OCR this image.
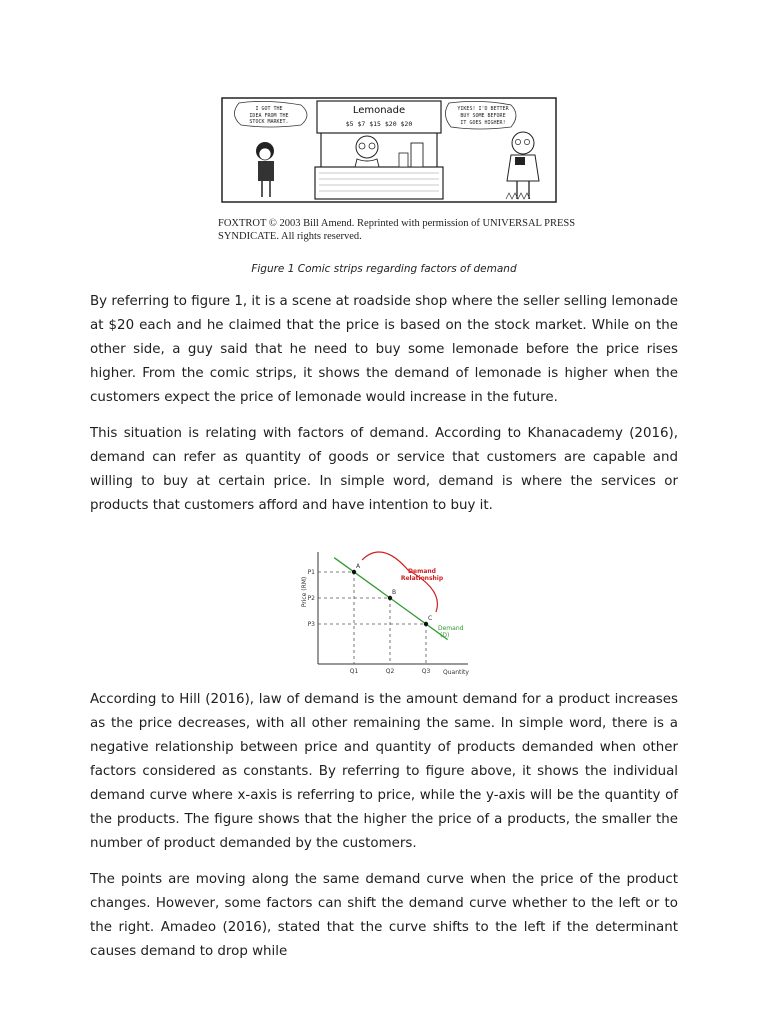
I GOT THE
IDEA FROM THE
STOCK MARKET.
YIKES! I'D BETTER
BUY SOME BEFORE
IT GOES HIGHER!
Lemonade
$5 $7 $15 $20 $20
FOXTROT © 2003 Bill Amend. Reprinted with permission of UNIVERSAL PRESS SYNDICATE. All rights reserved.
Figure 1 Comic strips regarding factors of demand

By referring to figure 1, it is a scene at roadside shop where the seller selling lemonade at $20 each and he claimed that the price is based on the stock market. While on the other side, a guy said that he need to buy some lemonade before the price rises higher. From the comic strips, it shows the demand of lemonade is higher when the customers expect the price of lemonade would increase in the future.

This situation is relating with factors of demand. According to Khanacademy (2016), demand can refer as quantity of goods or service that customers are capable and willing to buy at certain price. In simple word, demand is where the services or products that customers afford and have intention to buy it.

Price (RM)
Quantity
A
P1
Q1
B
P2
Q2
C
P3
Q3
Demand
Relationship
Demand
(D)

According to Hill (2016), law of demand is the amount demand for a product increases as the price decreases, with all other remaining the same. In simple word, there is a negative relationship between price and quantity of products demanded when other factors considered as constants. By referring to figure above, it shows the individual demand curve where x-axis is referring to price, while the y-axis will be the quantity of the products. The figure shows that the higher the price of a products, the smaller the number of product demanded by the customers.

The points are moving along the same demand curve when the price of the product changes. However, some factors can shift the demand curve whether to the left or to the right. Amadeo (2016), stated that the curve shifts to the left if the determinant causes demand to drop while
